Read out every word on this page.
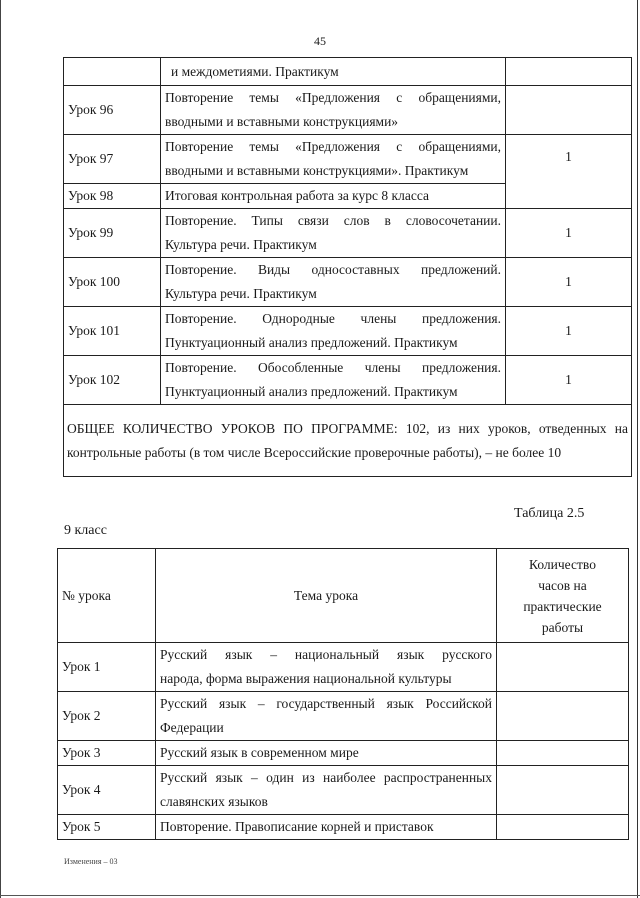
45
	и междометиями. Практикум	
Урок 96	Повторение темы «Предложения с обращениями,
вводными и вставными конструкциями»	

Урок 97	Повторение темы «Предложения с обращениями,
вводными и вставными конструкциями». Практикум	1
Урок 98	Итоговая контрольная работа за курс 8 класса	
Урок 99	Повторение. Типы связи слов в словосочетании.
Культура речи. Практикум	1
Урок 100	Повторение. Виды односоставных предложений.
Культура речи. Практикум	1
Урок 101	Повторение. Однородные члены предложения.
Пунктуационный анализ предложений. Практикум	1
Урок 102	Повторение. Обособленные члены предложения.
Пунктуационный анализ предложений. Практикум	1
ОБЩЕЕ КОЛИЧЕСТВО УРОКОВ ПО ПРОГРАММЕ: 102, из них уроков, отведенных на контрольные работы (в том числе Всероссийские проверочные работы), – не более 10		
Таблица 2.5
9 класс
№ урока	Тема урока	Количество
часов на
практические
работы

Урок 1	Русский язык – национальный язык русского
народа, форма выражения национальной культуры	

Урок 2	Русский язык – государственный язык Российской
Федерации	

Урок 3	Русский язык в современном мире	
Урок 4	Русский язык – один из наиболее распространенных
славянских языков	

Урок 5	Повторение. Правописание корней и приставок	
Изменения – 03
